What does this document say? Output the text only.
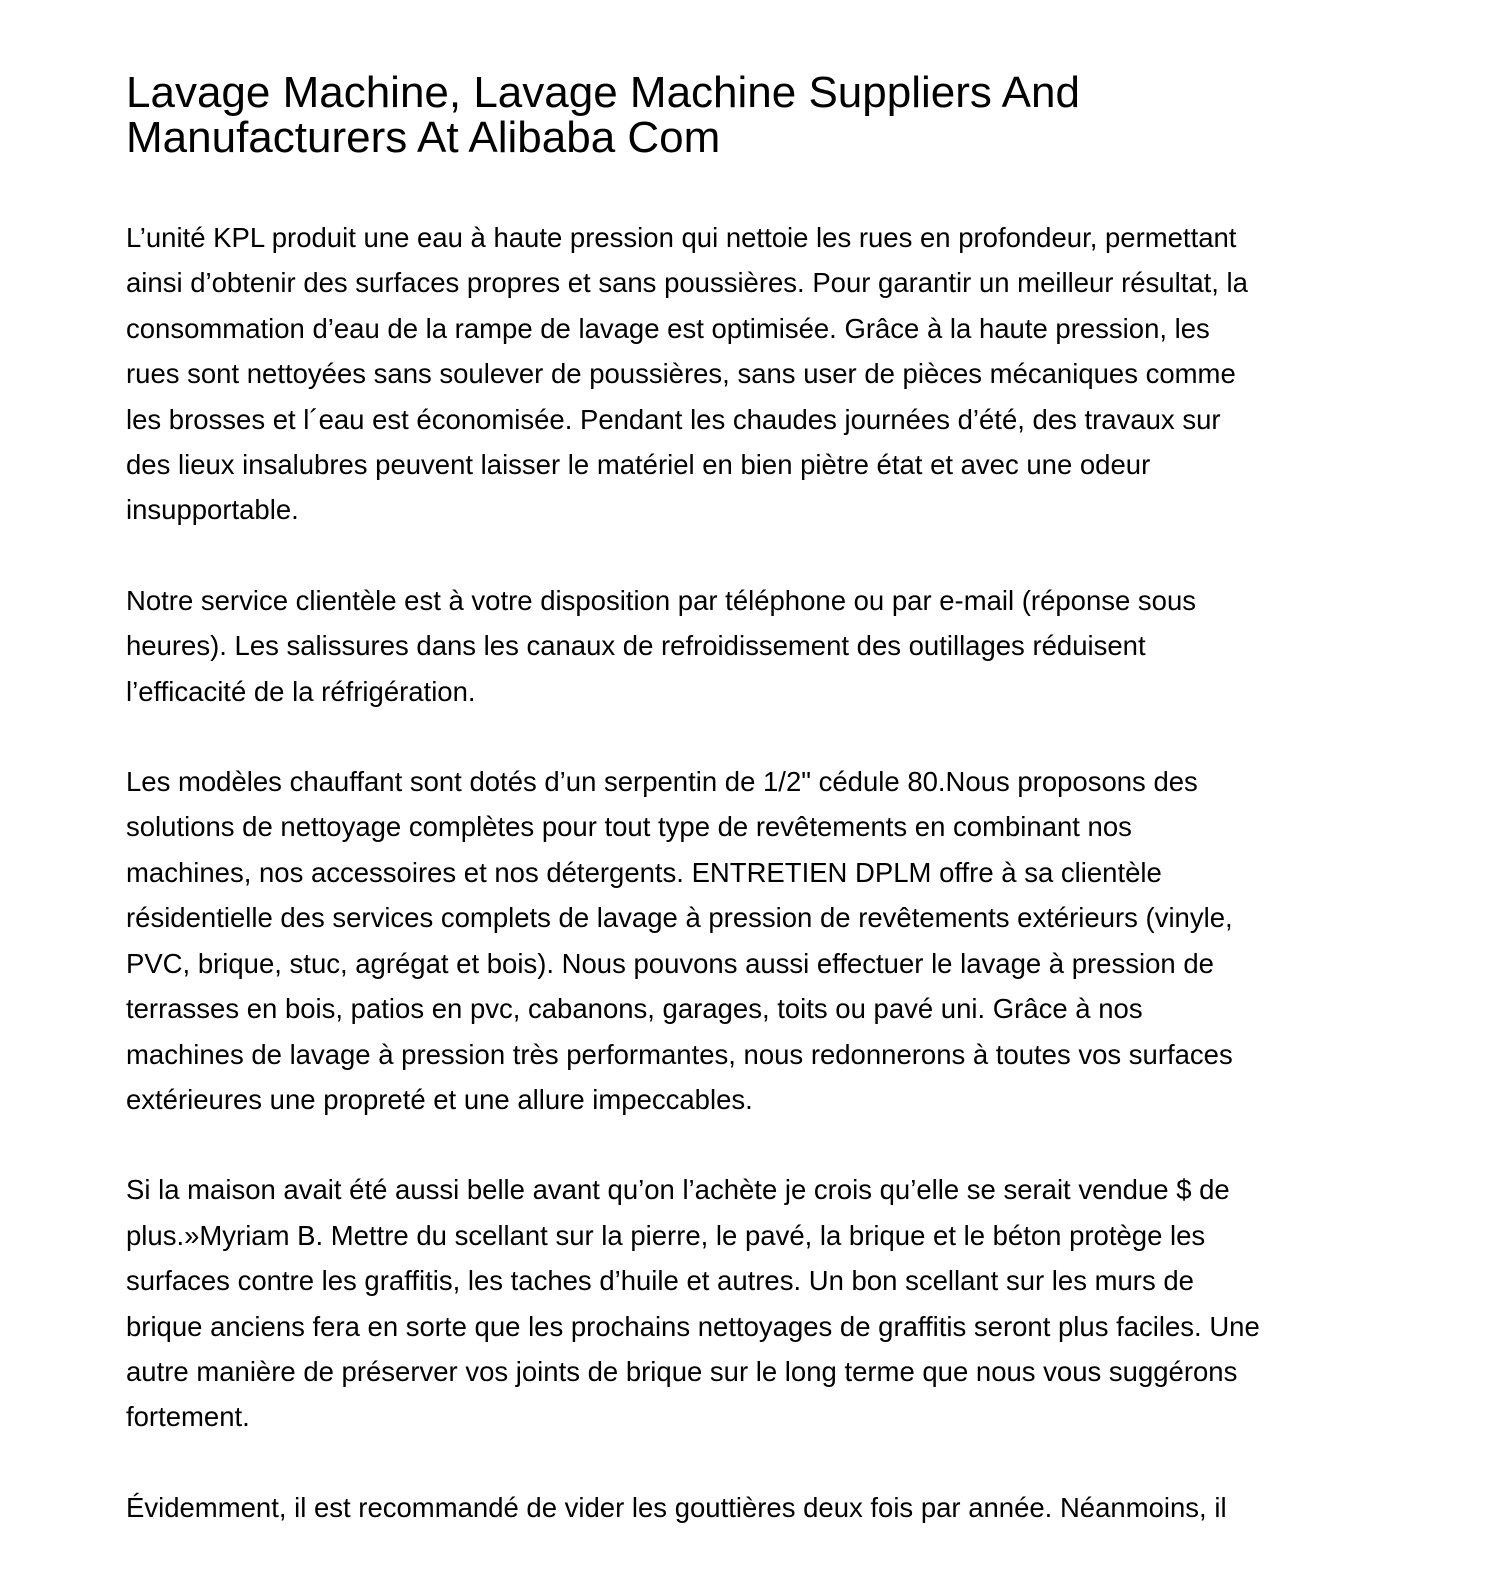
Lavage Machine, Lavage Machine Suppliers And
Manufacturers At Alibaba Com

L’unité KPL produit une eau à haute pression qui nettoie les rues en profondeur, permettant
ainsi d’obtenir des surfaces propres et sans poussières. Pour garantir un meilleur résultat, la
consommation d’eau de la rampe de lavage est optimisée. Grâce à la haute pression, les
rues sont nettoyées sans soulever de poussières, sans user de pièces mécaniques comme
les brosses et l´eau est économisée. Pendant les chaudes journées d’été, des travaux sur
des lieux insalubres peuvent laisser le matériel en bien piètre état et avec une odeur
insupportable.

Notre service clientèle est à votre disposition par téléphone ou par e-mail (réponse sous
heures). Les salissures dans les canaux de refroidissement des outillages réduisent
l’efficacité de la réfrigération.

Les modèles chauffant sont dotés d’un serpentin de 1/2" cédule 80.Nous proposons des
solutions de nettoyage complètes pour tout type de revêtements en combinant nos
machines, nos accessoires et nos détergents. ENTRETIEN DPLM offre à sa clientèle
résidentielle des services complets de lavage à pression de revêtements extérieurs (vinyle,
PVC, brique, stuc, agrégat et bois). Nous pouvons aussi effectuer le lavage à pression de
terrasses en bois, patios en pvc, cabanons, garages, toits ou pavé uni. Grâce à nos
machines de lavage à pression très performantes, nous redonnerons à toutes vos surfaces
extérieures une propreté et une allure impeccables.

Si la maison avait été aussi belle avant qu’on l’achète je crois qu’elle se serait vendue $ de
plus.»Myriam B. Mettre du scellant sur la pierre, le pavé, la brique et le béton protège les
surfaces contre les graffitis, les taches d’huile et autres. Un bon scellant sur les murs de
brique anciens fera en sorte que les prochains nettoyages de graffitis seront plus faciles. Une
autre manière de préserver vos joints de brique sur le long terme que nous vous suggérons
fortement.

Évidemment, il est recommandé de vider les gouttières deux fois par année. Néanmoins, il
